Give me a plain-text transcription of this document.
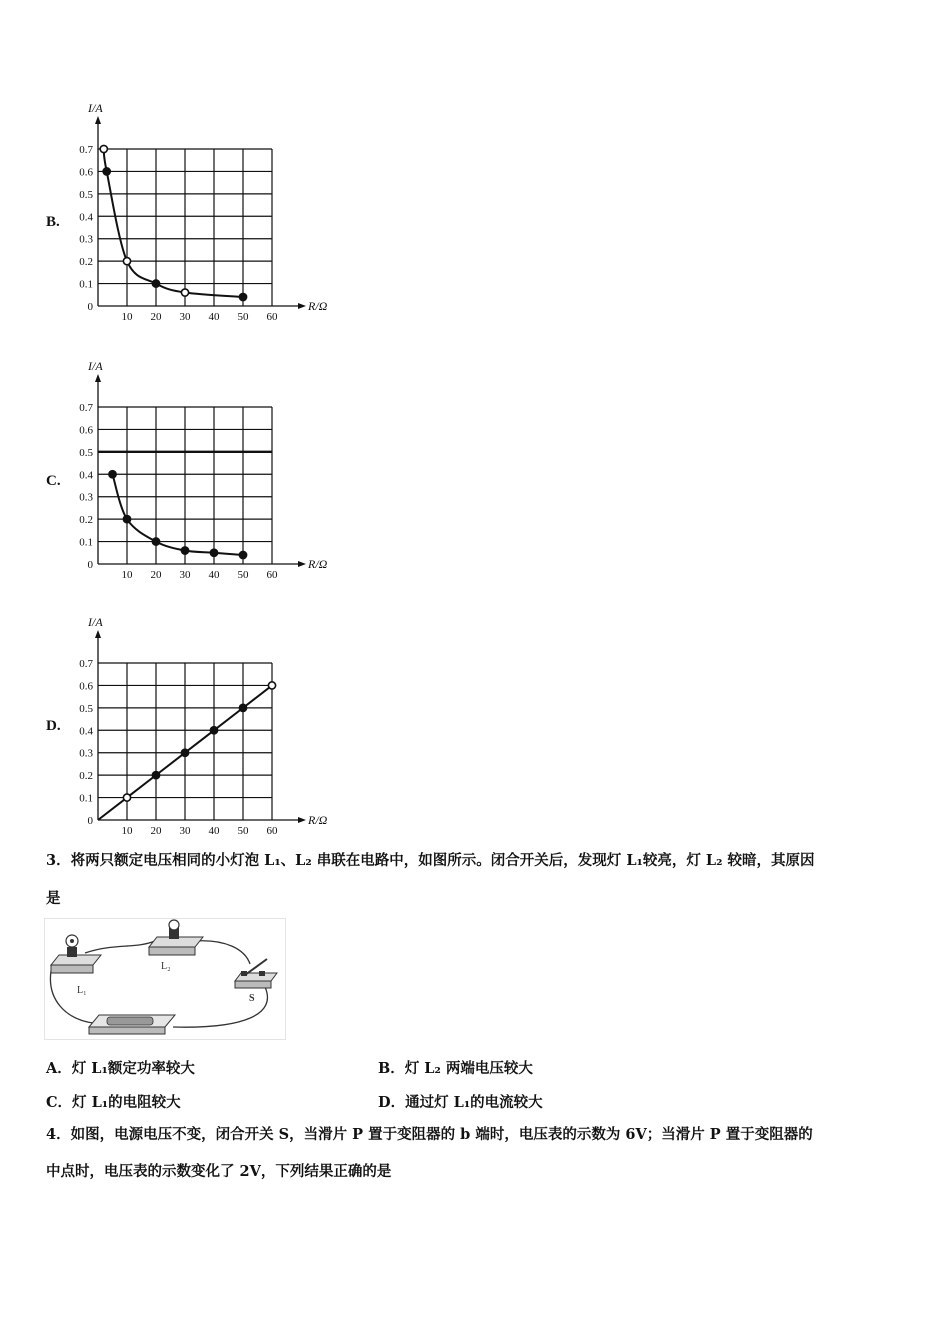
B.
0
0.1
0.2
0.3
0.4
0.5
0.6
0.7
10 20 30 40 50 60
I/A
R/Ω
C.
0
0.1
0.2
0.3
0.4
0.5
0.6
0.7
10 20 30 40 50 60
I/A
R/Ω
D.
0
0.1
0.2
0.3
0.4
0.5
0.6
0.7
10 20 30 40 50 60
I/A
R/Ω
3．将两只额定电压相同的小灯泡 L₁、L₂ 串联在电路中，如图所示。闭合开关后，发现灯 L₁较亮，灯 L₂ 较暗，其原因
是
L₁
L₂
S
A．灯 L₁额定功率较大	B．灯 L₂ 两端电压较大
C．灯 L₁的电阻较大	D．通过灯 L₁的电流较大
4．如图，电源电压不变，闭合开关 S，当滑片 P 置于变阻器的 b 端时，电压表的示数为 6V；当滑片 P 置于变阻器的
中点时，电压表的示数变化了 2V，下列结果正确的是
